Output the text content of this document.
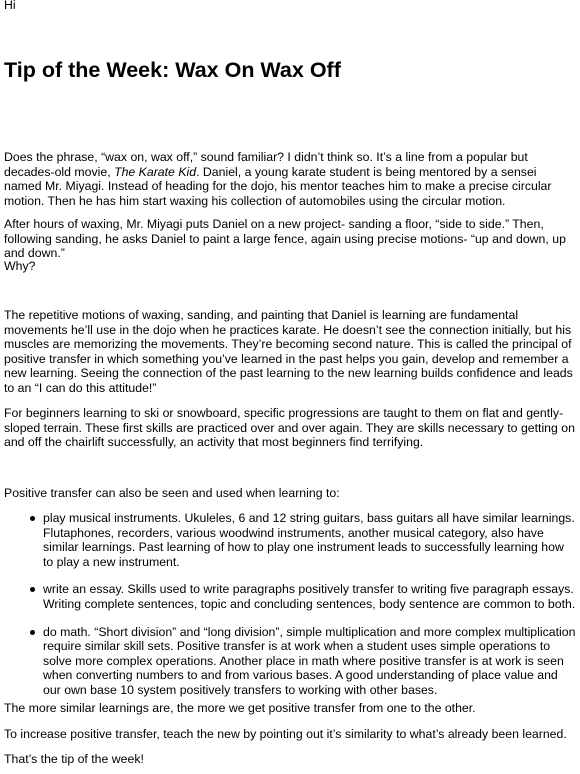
Hi

Tip of the Week: Wax On Wax Off

Does the phrase, “wax on, wax off,” sound familiar? I didn’t think so. It’s a line from a popular but decades-old movie, The Karate Kid. Daniel, a young karate student is being mentored by a sensei named Mr. Miyagi. Instead of heading for the dojo, his mentor teaches him to make a precise circular motion. Then he has him start waxing his collection of automobiles using the circular motion.

After hours of waxing, Mr. Miyagi puts Daniel on a new project- sanding a floor, “side to side.” Then, following sanding, he asks Daniel to paint a large fence, again using precise motions- “up and down, up and down.”

Why?

The repetitive motions of waxing, sanding, and painting that Daniel is learning are fundamental movements he’ll use in the dojo when he practices karate. He doesn’t see the connection initially, but his muscles are memorizing the movements. They’re becoming second nature. This is called the principal of positive transfer in which something you’ve learned in the past helps you gain, develop and remember a new learning. Seeing the connection of the past learning to the new learning builds confidence and leads to an “I can do this attitude!”

For beginners learning to ski or snowboard, specific progressions are taught to them on flat and gently-sloped terrain. These first skills are practiced over and over again. They are skills necessary to getting on and off the chairlift successfully, an activity that most beginners find terrifying.

Positive transfer can also be seen and used when learning to:

play musical instruments. Ukuleles, 6 and 12 string guitars, bass guitars all have similar learnings. Flutaphones, recorders, various woodwind instruments, another musical category, also have similar learnings. Past learning of how to play one instrument leads to successfully learning how to play a new instrument.
write an essay. Skills used to write paragraphs positively transfer to writing five paragraph essays. Writing complete sentences, topic and concluding sentences, body sentence are common to both.
do math. “Short division” and “long division”, simple multiplication and more complex multiplication require similar skill sets. Positive transfer is at work when a student uses simple operations to solve more complex operations. Another place in math where positive transfer is at work is seen when converting numbers to and from various bases. A good understanding of place value and our own base 10 system positively transfers to working with other bases.

The more similar learnings are, the more we get positive transfer from one to the other.

To increase positive transfer, teach the new by pointing out it’s similarity to what’s already been learned.

That’s the tip of the week!
